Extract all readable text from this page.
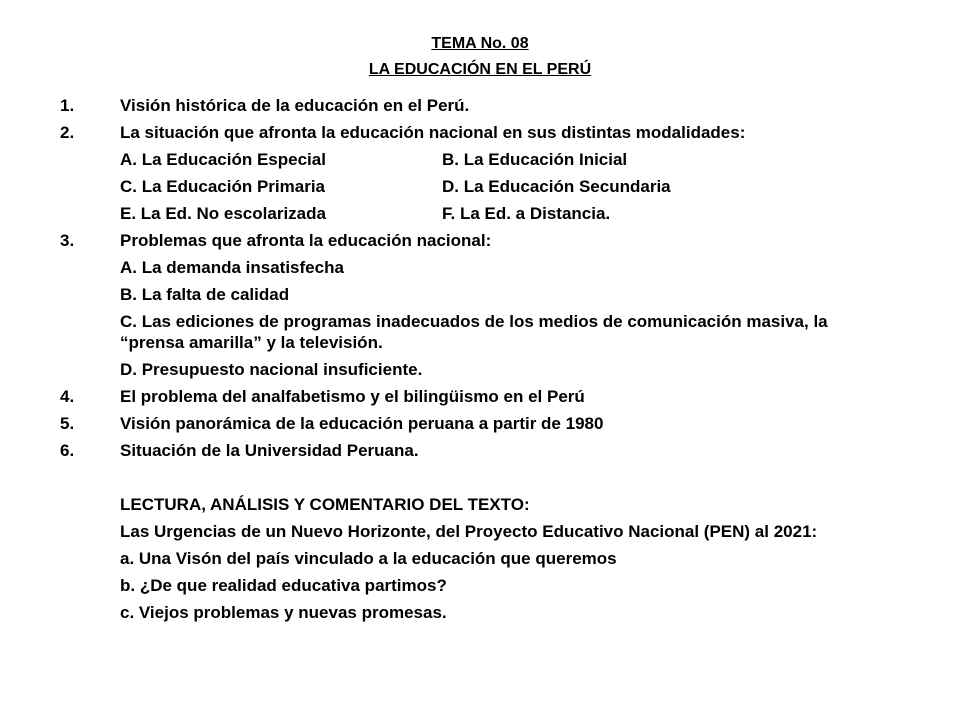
TEMA No. 08
LA EDUCACIÓN EN EL PERÚ
1.	Visión histórica de la educación en el Perú.
2.	La situación que afronta la educación nacional en sus distintas modalidades:
A. La Educación Especial	B. La Educación Inicial
C. La Educación Primaria	D. La Educación Secundaria
E. La Ed. No escolarizada	F. La Ed. a Distancia.
3.	Problemas que afronta la educación nacional:
A. La demanda insatisfecha
B. La falta de calidad
C. Las ediciones de programas inadecuados de los medios de comunicación masiva, la
“prensa amarilla” y la televisión.
D. Presupuesto nacional insuficiente.
4.	El problema del analfabetismo y el bilingüismo en el Perú
5.	Visión panorámica de la educación peruana a partir de 1980
6.	Situación de la Universidad Peruana.
LECTURA, ANÁLISIS Y COMENTARIO DEL TEXTO:
Las Urgencias de un Nuevo Horizonte, del Proyecto Educativo Nacional (PEN) al 2021:
a. Una Visón del país vinculado a la educación que queremos
b. ¿De que realidad educativa partimos?
c. Viejos problemas y nuevas promesas.
